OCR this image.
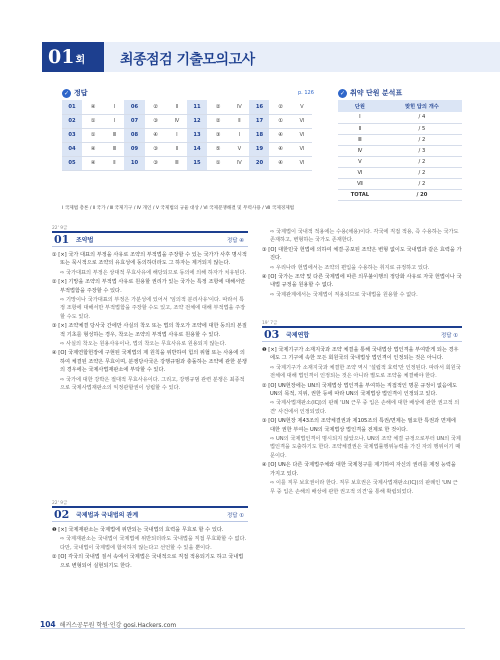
01회	최종점검 기출모의고사
✓ 정답	p. 126
01	④	Ⅰ	06	②	Ⅱ	11	②	Ⅳ	16	②	Ⅴ
02	①	Ⅰ	07	③	Ⅳ	12	②	Ⅱ	17	①	Ⅵ
03	①	Ⅲ	08	④	Ⅰ	13	③	Ⅰ	18	④	Ⅵ
04	④	Ⅲ	09	③	Ⅱ	14	⑤	Ⅴ	19	④	Ⅵ
05	④	Ⅱ	10	③	Ⅲ	15	①	Ⅳ	20	④	Ⅵ
✓ 취약 단원 분석표
단원	맞힌 답의 개수
Ⅰ	/ 4
Ⅱ	/ 5
Ⅲ	/ 2
Ⅳ	/ 3
Ⅴ	/ 2
Ⅵ	/ 2
Ⅶ	/ 2
TOTAL	/ 20
Ⅰ 국제법 총론 / Ⅱ 국가 / Ⅲ 국제기구 / Ⅳ 개인 / Ⅴ 국제법의 규율 대상 / Ⅵ 국제분쟁해결 및 무력사용 / Ⅶ 국제경제법
22' 9급
01	조약법	정답 ④

① [×] 국가 대표의 부정을 사유로 조약의 부적법을 주장할 수 있는 국가가 사후 명시적 또는 묵시적으로 조약의 유효성에 동의하더라도 그 하자는 제거되지 않는다.

⇨ 국가대표의 부정은 상대적 무효사유에 해당되므로 동의에 의해 하자가 치유된다.

② [×] 기망을 조약의 부적법 사유로 원용할 권리가 있는 국가는 특정 조항에 대해서만 부적법함을 주장할 수 있다.

⇨ 기망이나 국가대표의 부정은 가분성에 있어서 '임의적 분리사유'이다. 따라서 특정 조항에 대해서만 부적법함을 주장할 수도 있고, 조약 전체에 대해 부적법을 주장할 수도 있다.

③ [×] 조약체결 당사국 간에만 사실의 착오 또는 법의 착오가 조약에 대한 동의의 본질적 기초를 형성하는 경우, 착오는 조약의 부적법 사유로 원용할 수 있다.

⇨ 사실의 착오는 원용사유이나, 법의 착오는 무효사유로 원용되지 않는다.

④ [O] 국제연합헌장에 구현된 국제법의 제 원칙을 위반하여 힘의 위협 또는 사용에 의하여 체결된 조약은 무효이며, 분쟁당사국은 강행규범과 충돌하는 조약에 관한 분쟁의 경우에는 국제사법재판소에 부탁할 수 있다.

⇨ 국가에 대한 강박은 절대적 무효사유이다. 그리고, 강행규범 관련 분쟁은 최종적으로 국제사법재판소의 익정관할권이 성립할 수 있다.

22' 9급
02	국제법과 국내법의 관계	정답 ①

❶ [×] 국제재판소는 국제법에 위반되는 국내법의 효력을 무효로 할 수 있다.

⇨ 국제재판소는 국내법이 국제법에 위반되더라도 국내법을 직접 무효화할 수 없다. 다만, 국내법이 국제법에 합치하지 않는다고 선언할 수 있을 뿐이다.

② [O] 각국의 국내법 질서 속에서 국제법은 국내적으로 직접 적용되기도 하고 국내법으로 변형되어 실현되기도 한다.

⇨ 국제법이 국내적 적용에는 수용(채용)이다. 각국에 직접 적용, 즉 수용하는 국가도 존재하고, 변형하는 국가도 존재한다.

③ [O] 대한민국 헌법에 의하여 체결·공포된 조약은 변형 없이도 국내법과 같은 효력을 가진다.

⇨ 우리나라 헌법에서는 조약의 편입을 수용하는 취지로 규정하고 있다.

④ [O] 국가는 조약 및 다른 국제법에 따른 의무불이행의 정당화 사유로 자국 헌법이나 국내법 규정을 원용할 수 없다.

⇨ 국제관계에서는 국제법이 직용되므로 국내법을 원용할 수 없다.

19' 7급
03	국제연합	정답 ①

❶ [×] 국제기구가 소재지국과 조약 체결을 통해 국내법상 법인격을 부여받게 되는 경우에도 그 기구에 속한 모든 회원국의 국내법상 법인격이 인정되는 것은 아니다.

⇨ 국제기구가 소재지국과 체결한 조약 역시 '설립적 효력'만 인정된다. 따라서 회원국 전체에 대해 법인격이 인정되는 것은 아니라 별도로 조약을 체결해야 한다.

② [O] UN헌장에는 UN의 국제법상 법인격을 부여하는 직접적인 명문 규정이 없음에도 UN의 목적, 지위, 권한 등에 따라 UN의 국제법상 법인격이 인정되고 있다.

⇨ 국제사법재판소(ICJ)의 판례 'UN 근무 중 입은 손해에 대한 배상에 관한 권고적 의견' 사건에서 인정되었다.

③ [O] UN헌장 제43조의 조약체결권과 제105조의 특권/면제는 필요한 특권과 면제에 대한 권한 부여는 UN의 국제법상 법인격을 전제로 한 것이다.

⇨ UN의 국제법인격이 명시되지 않았으나, UN의 조약 체결 규정으로부터 UN의 국제법인격을 도출하기도 한다. 조약체결권은 국제법률행위능력을 가진 자의 행위이기 때문이다.

④ [O] UN은 다른 국제법주체와 대한 국제청구를 제기하여 자신의 권리를 제정 능력을 가지고 있다.

⇨ 이를 직무 보호권이라 한다. 직무 보호권은 국제사법재판소(ICJ)의 판례인 'UN 근무 중 입은 손해의 배상에 관한 권고적 의견'을 통해 확립되었다.

104 해커스공무원 학원·인강 gosi.Hackers.com
